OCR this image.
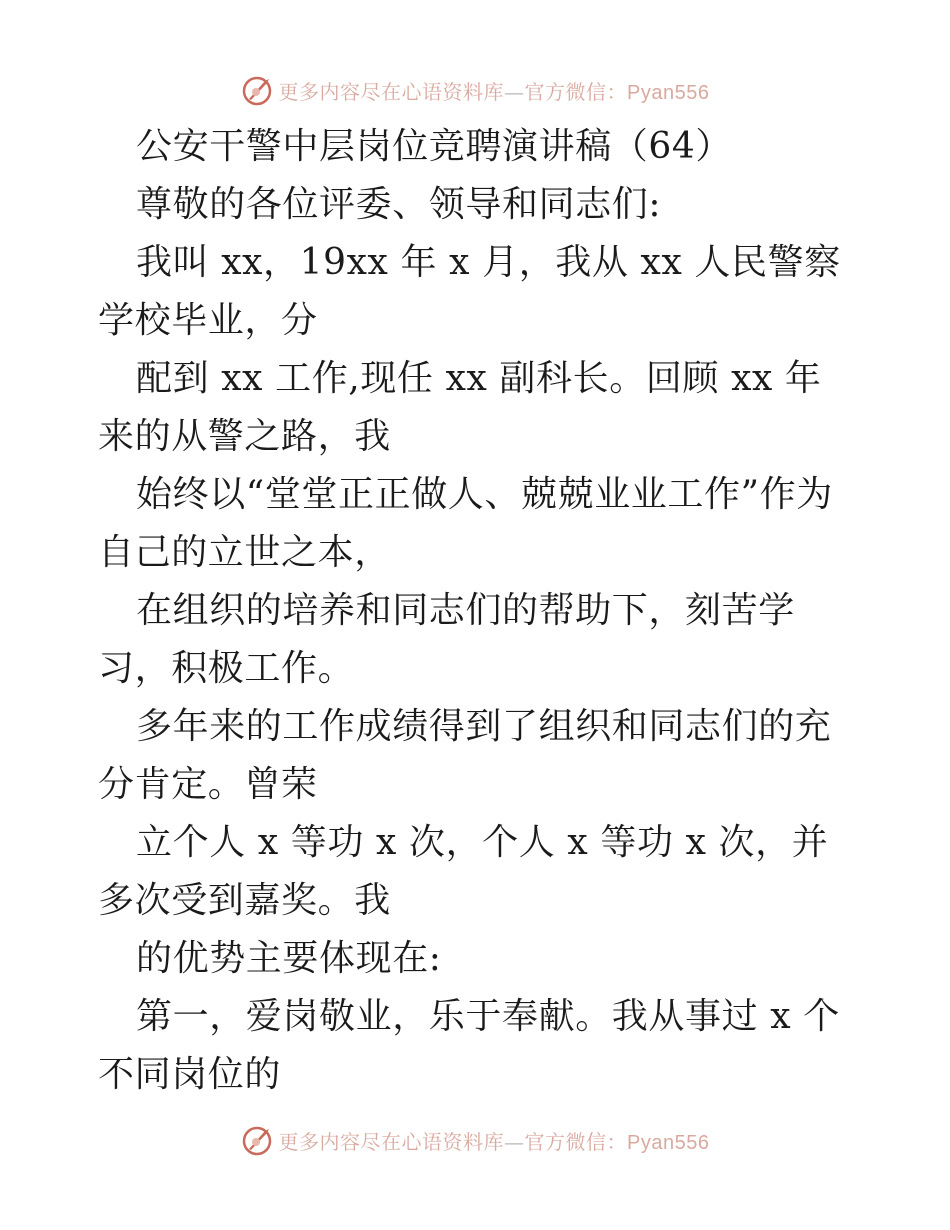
更多内容尽在心语资料库—官方微信：Pyan556

公安干警中层岗位竞聘演讲稿（64）

尊敬的各位评委、领导和同志们:

我叫 xx，19xx 年 x 月，我从 xx 人民警察学校毕业，分

配到 xx 工作,现任 xx 副科长。回顾 xx 年来的从警之路，我

始终以“堂堂正正做人、兢兢业业工作”作为自己的立世之本，

在组织的培养和同志们的帮助下，刻苦学习，积极工作。

多年来的工作成绩得到了组织和同志们的充分肯定。曾荣

立个人 x 等功 x 次，个人 x 等功 x 次，并多次受到嘉奖。我

的优势主要体现在:

第一，爱岗敬业，乐于奉献。我从事过 x 个不同岗位的

更多内容尽在心语资料库—官方微信：Pyan556
